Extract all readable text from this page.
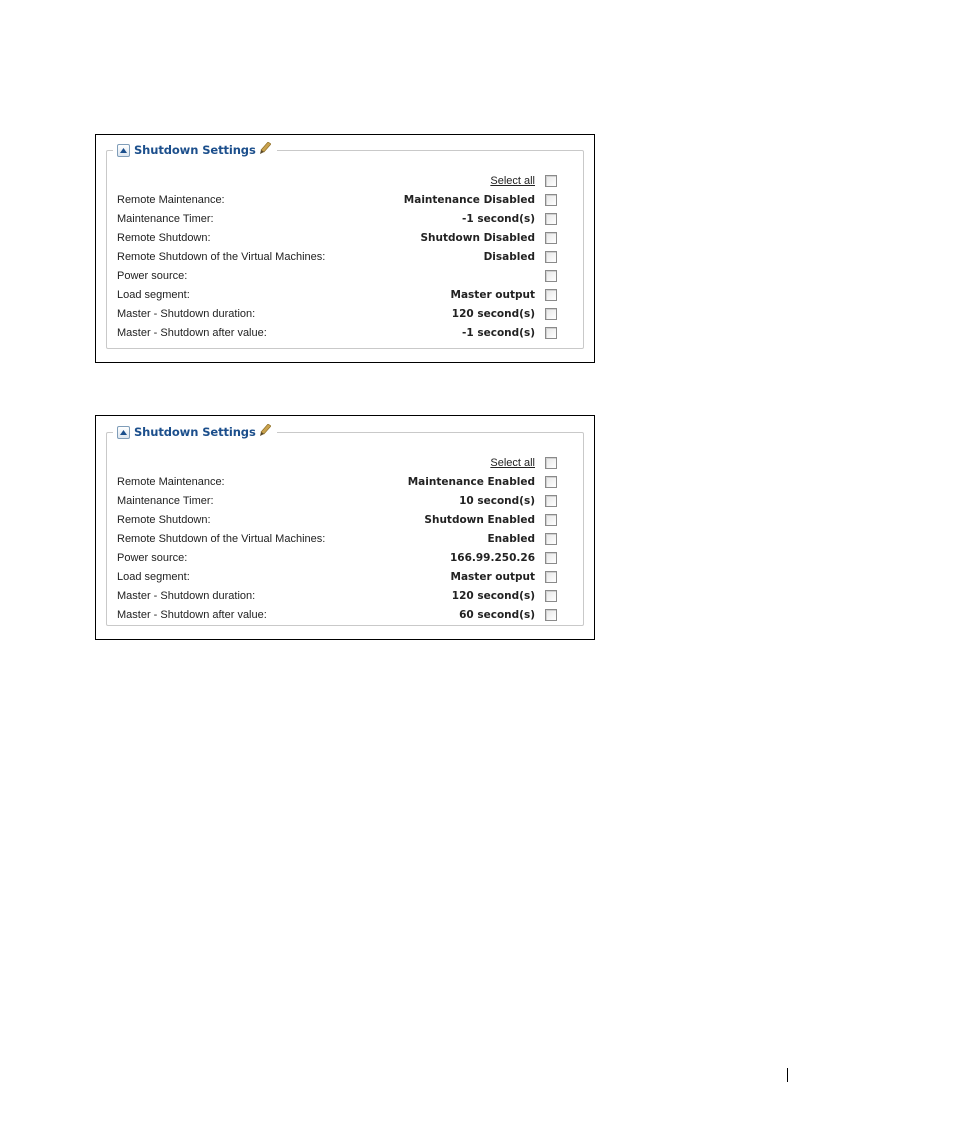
Shutdown Settings
Select all
Remote Maintenance:	Maintenance Disabled
Maintenance Timer:	-1 second(s)
Remote Shutdown:	Shutdown Disabled
Remote Shutdown of the Virtual Machines:	Disabled
Power source:
Load segment:	Master output
Master - Shutdown duration:	120 second(s)
Master - Shutdown after value:	-1 second(s)
Shutdown Settings
Select all
Remote Maintenance:	Maintenance Enabled
Maintenance Timer:	10 second(s)
Remote Shutdown:	Shutdown Enabled
Remote Shutdown of the Virtual Machines:	Enabled
Power source:	166.99.250.26
Load segment:	Master output
Master - Shutdown duration:	120 second(s)
Master - Shutdown after value:	60 second(s)
